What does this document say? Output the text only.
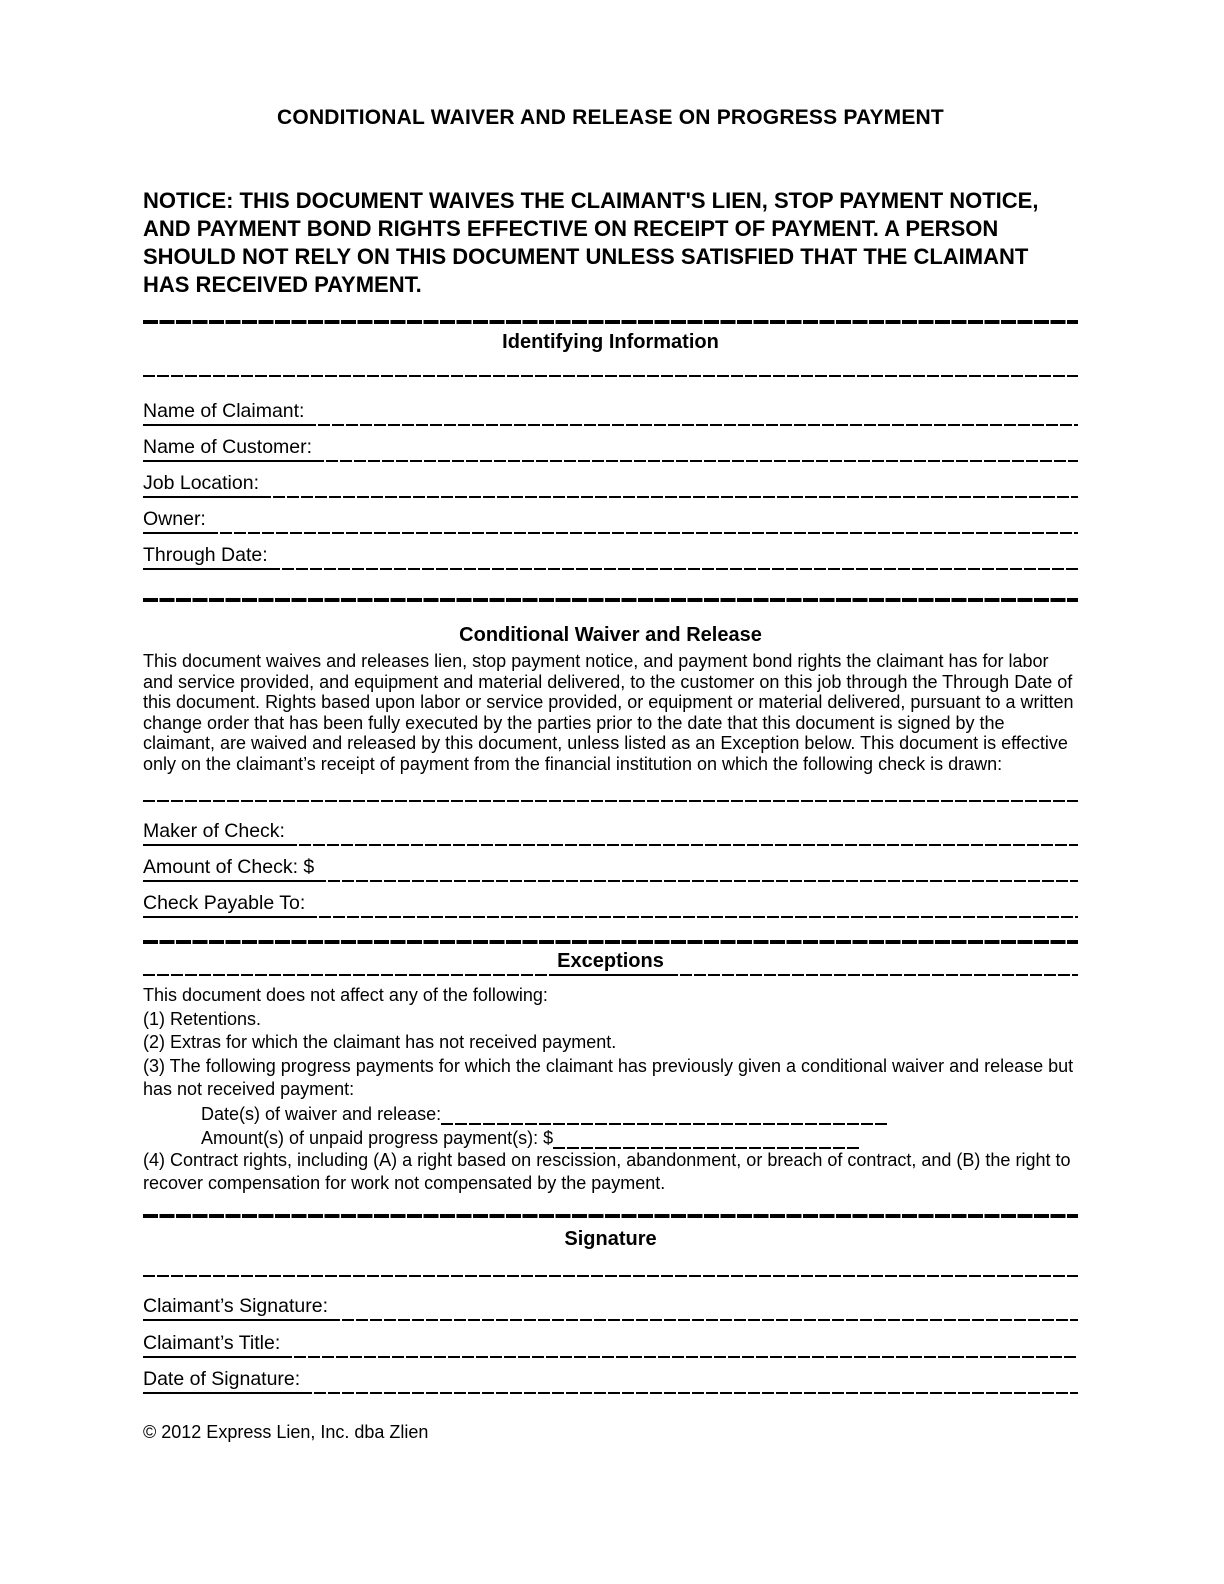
CONDITIONAL WAIVER AND RELEASE ON PROGRESS PAYMENT
NOTICE: THIS DOCUMENT WAIVES THE CLAIMANT'S LIEN, STOP PAYMENT NOTICE, AND PAYMENT BOND RIGHTS EFFECTIVE ON RECEIPT OF PAYMENT. A PERSON SHOULD NOT RELY ON THIS DOCUMENT UNLESS SATISFIED THAT THE CLAIMANT HAS RECEIVED PAYMENT.
Identifying Information
Name of Claimant:
Name of Customer:
Job Location:
Owner:
Through Date:
Conditional Waiver and Release
This document waives and releases lien, stop payment notice, and payment bond rights the claimant has for labor and service provided, and equipment and material delivered, to the customer on this job through the Through Date of this document. Rights based upon labor or service provided, or equipment or material delivered, pursuant to a written change order that has been fully executed by the parties prior to the date that this document is signed by the claimant, are waived and released by this document, unless listed as an Exception below. This document is effective only on the claimant’s receipt of payment from the financial institution on which the following check is drawn:
Maker of Check:
Amount of Check: $
Check Payable To:
Exceptions
This document does not affect any of the following:
(1) Retentions.
(2) Extras for which the claimant has not received payment.
(3) The following progress payments for which the claimant has previously given a conditional waiver and release but has not received payment:
Date(s) of waiver and release:
Amount(s) of unpaid progress payment(s): $
(4) Contract rights, including (A) a right based on rescission, abandonment, or breach of contract, and (B) the right to recover compensation for work not compensated by the payment.
Signature
Claimant’s Signature:
Claimant’s Title:
Date of Signature:
© 2012 Express Lien, Inc. dba Zlien
